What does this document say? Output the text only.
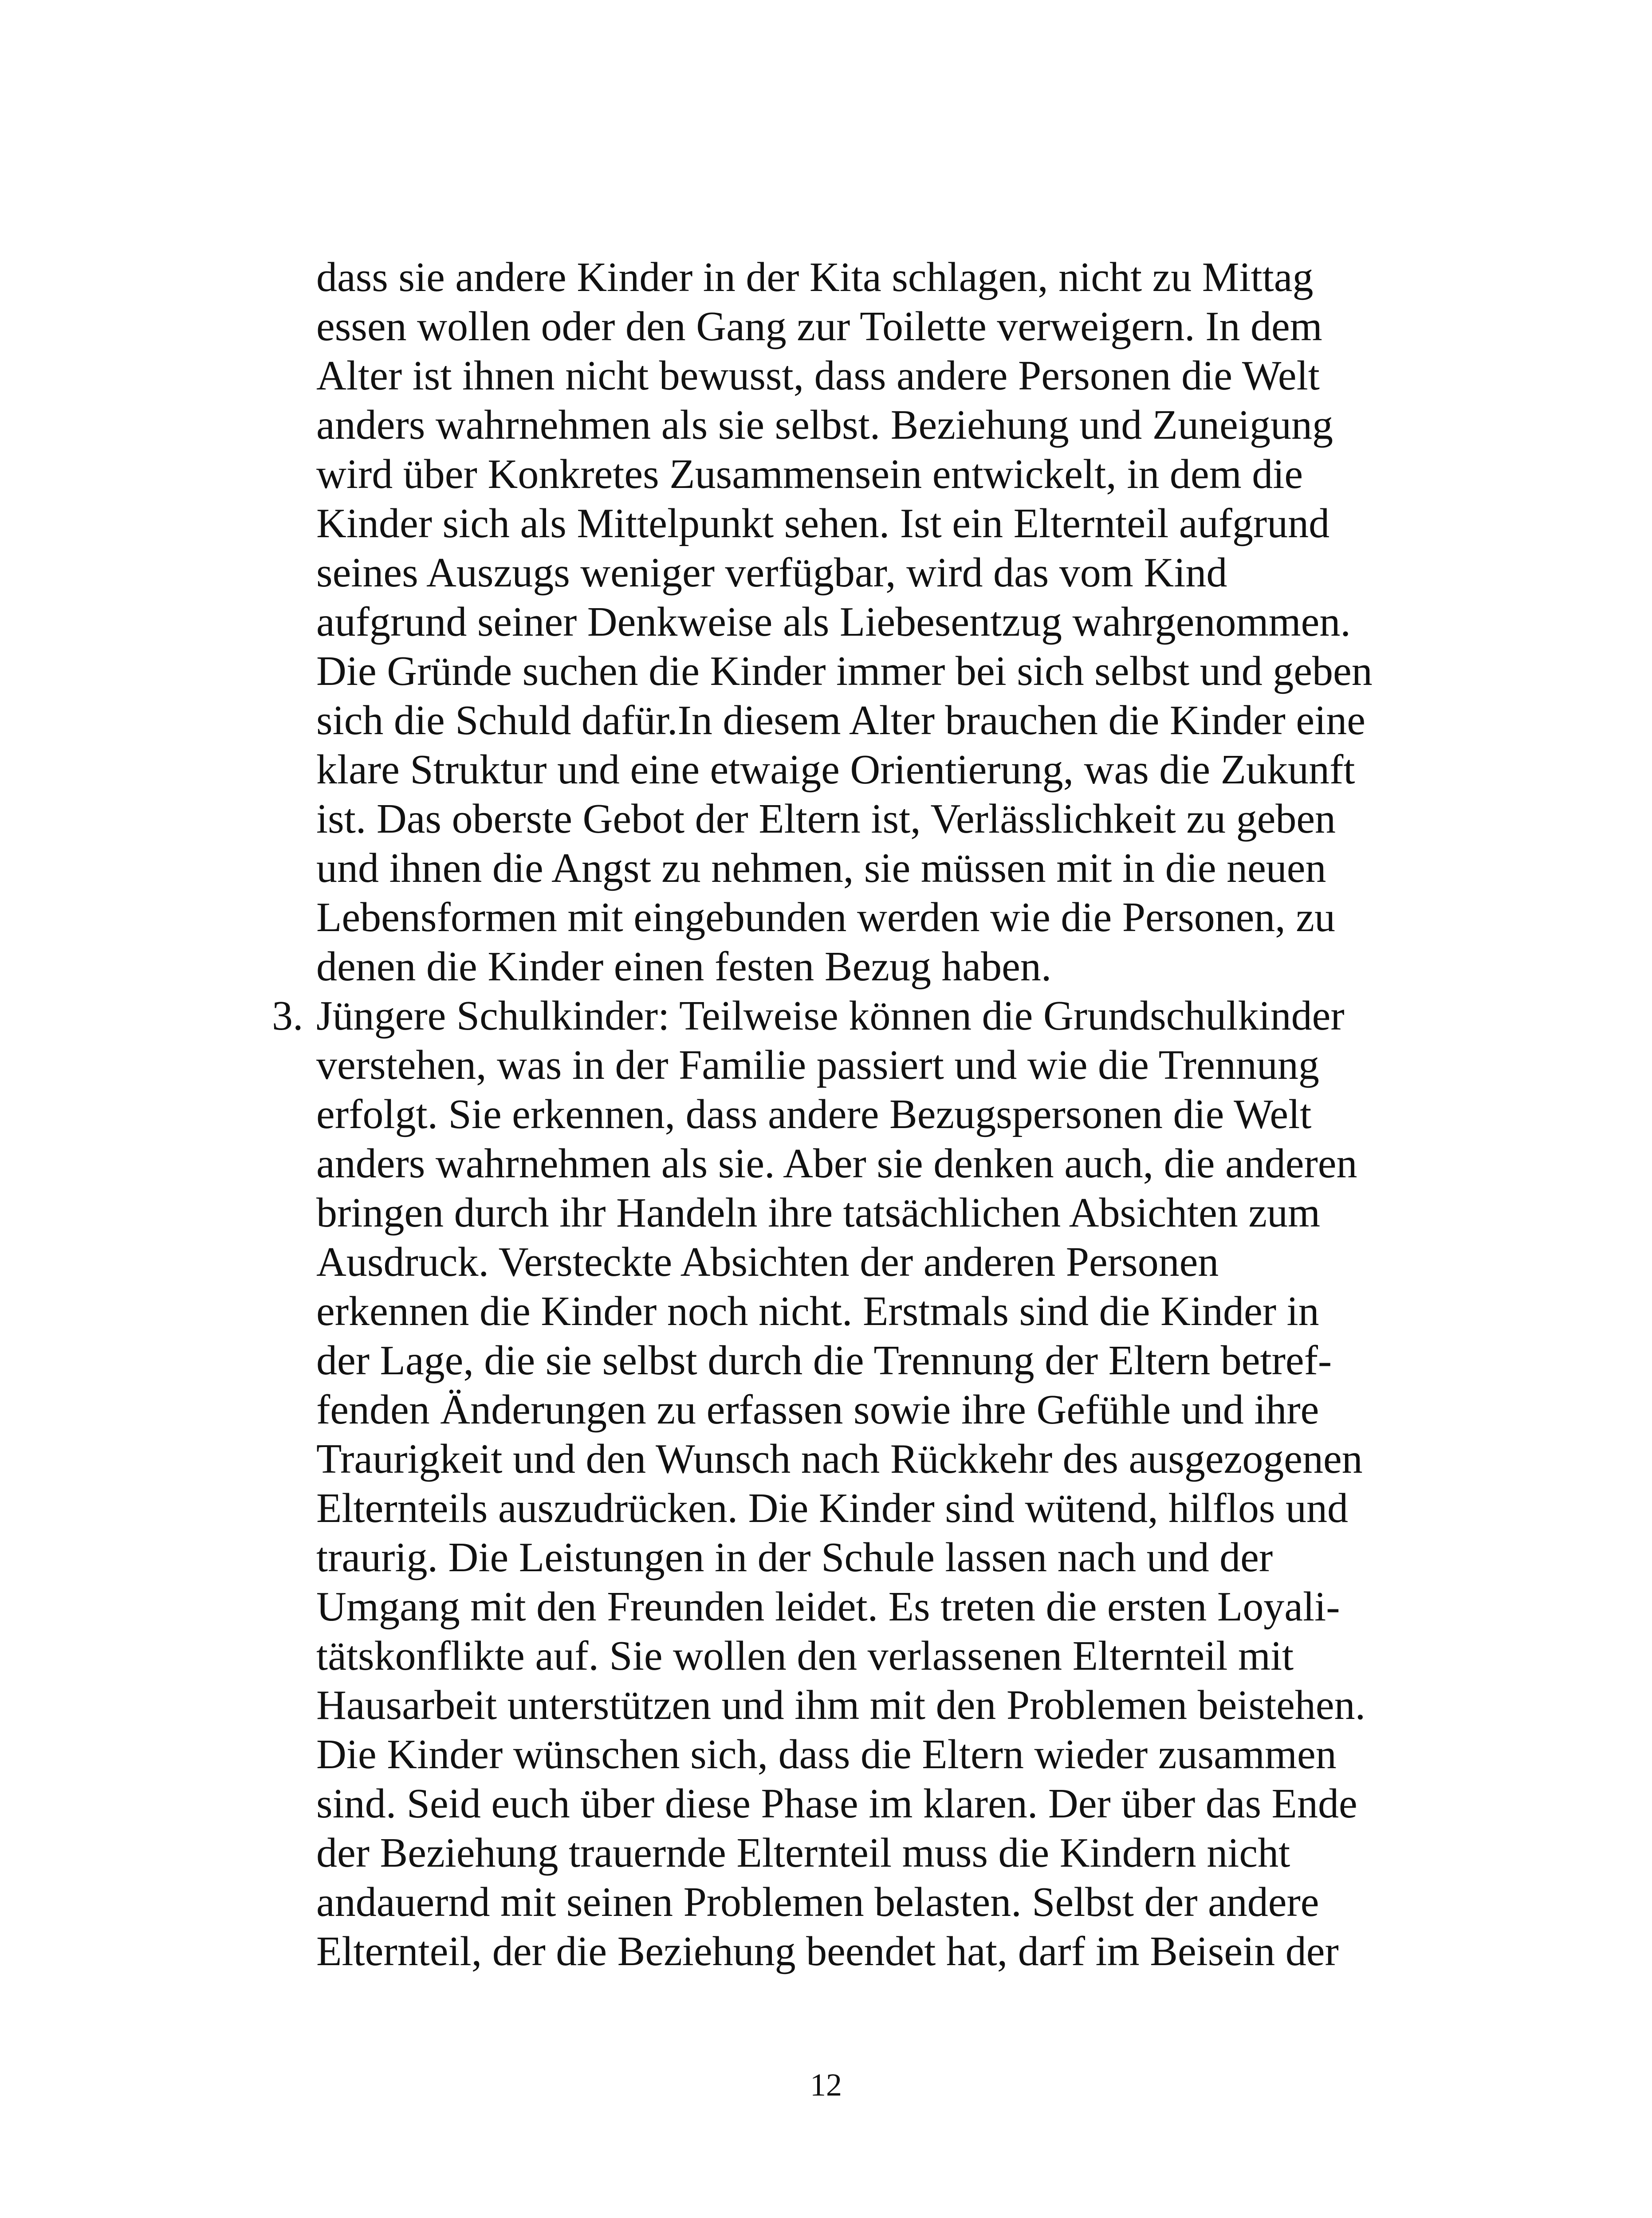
dass sie andere Kinder in der Kita schlagen, nicht zu Mittag
essen wollen oder den Gang zur Toilette verweigern. In dem
Alter ist ihnen nicht bewusst, dass andere Personen die Welt
anders wahrnehmen als sie selbst. Beziehung und Zuneigung
wird über Konkretes Zusammensein entwickelt, in dem die
Kinder sich als Mittelpunkt sehen. Ist ein Elternteil aufgrund
seines Auszugs weniger verfügbar, wird das vom Kind
aufgrund seiner Denkweise als Liebesentzug wahrgenommen.
Die Gründe suchen die Kinder immer bei sich selbst und geben
sich die Schuld dafür.In diesem Alter brauchen die Kinder eine
klare Struktur und eine etwaige Orientierung, was die Zukunft
ist. Das oberste Gebot der Eltern ist, Verlässlichkeit zu geben
und ihnen die Angst zu nehmen, sie müssen mit in die neuen
Lebensformen mit eingebunden werden wie die Personen, zu
denen die Kinder einen festen Bezug haben.
3. Jüngere Schulkinder: Teilweise können die Grundschulkinder
verstehen, was in der Familie passiert und wie die Trennung
erfolgt. Sie erkennen, dass andere Bezugspersonen die Welt
anders wahrnehmen als sie. Aber sie denken auch, die anderen
bringen durch ihr Handeln ihre tatsächlichen Absichten zum
Ausdruck. Versteckte Absichten der anderen Personen
erkennen die Kinder noch nicht. Erstmals sind die Kinder in
der Lage, die sie selbst durch die Trennung der Eltern betref-
fenden Änderungen zu erfassen sowie ihre Gefühle und ihre
Traurigkeit und den Wunsch nach Rückkehr des ausgezogenen
Elternteils auszudrücken. Die Kinder sind wütend, hilflos und
traurig. Die Leistungen in der Schule lassen nach und der
Umgang mit den Freunden leidet. Es treten die ersten Loyali-
tätskonflikte auf. Sie wollen den verlassenen Elternteil mit
Hausarbeit unterstützen und ihm mit den Problemen beistehen.
Die Kinder wünschen sich, dass die Eltern wieder zusammen
sind. Seid euch über diese Phase im klaren. Der über das Ende
der Beziehung trauernde Elternteil muss die Kindern nicht
andauernd mit seinen Problemen belasten. Selbst der andere
Elternteil, der die Beziehung beendet hat, darf im Beisein der
12
